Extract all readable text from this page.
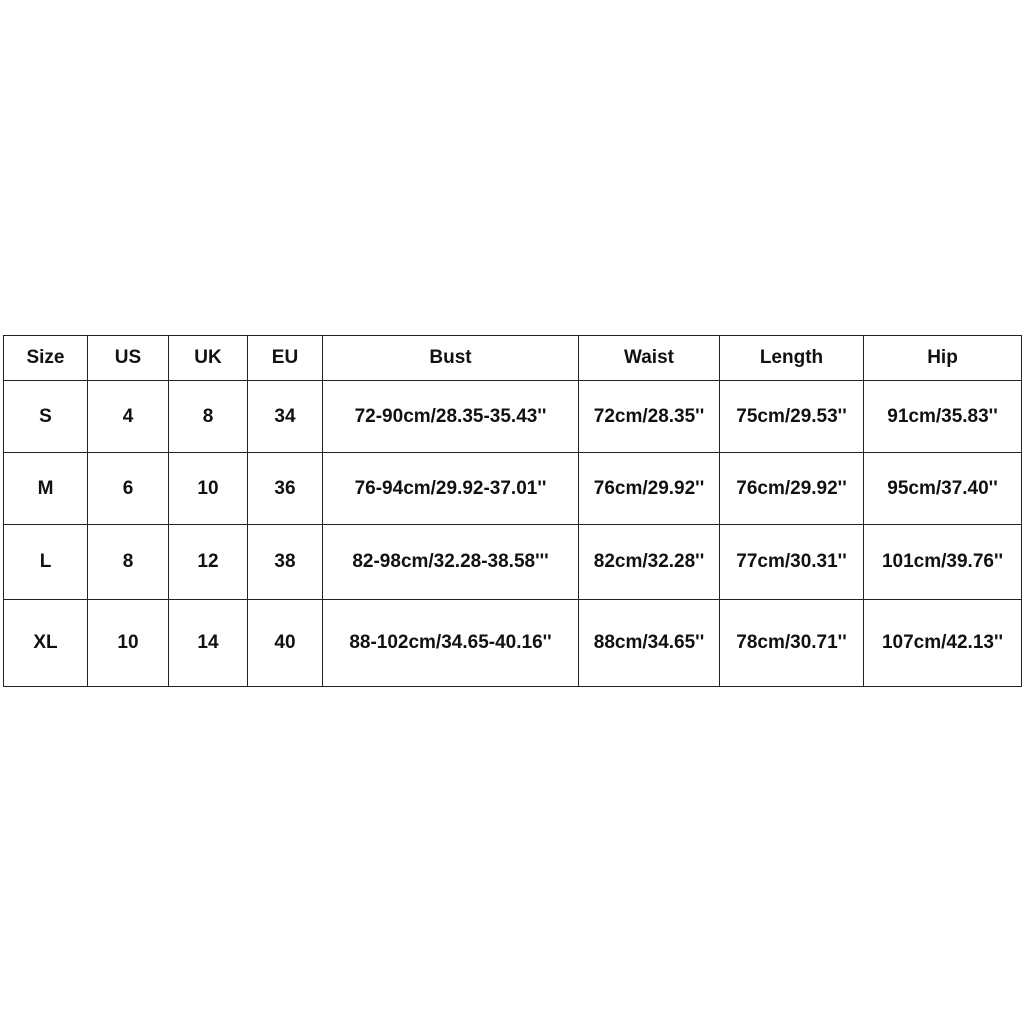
Size	US	UK	EU	Bust	Waist	Length	Hip
S	4	8	34	72-90cm/28.35-35.43''	72cm/28.35''	75cm/29.53''	91cm/35.83''
M	6	10	36	76-94cm/29.92-37.01''	76cm/29.92''	76cm/29.92''	95cm/37.40''
L	8	12	38	82-98cm/32.28-38.58'''	82cm/32.28''	77cm/30.31''	101cm/39.76''
XL	10	14	40	88-102cm/34.65-40.16''	88cm/34.65''	78cm/30.71''	107cm/42.13''
